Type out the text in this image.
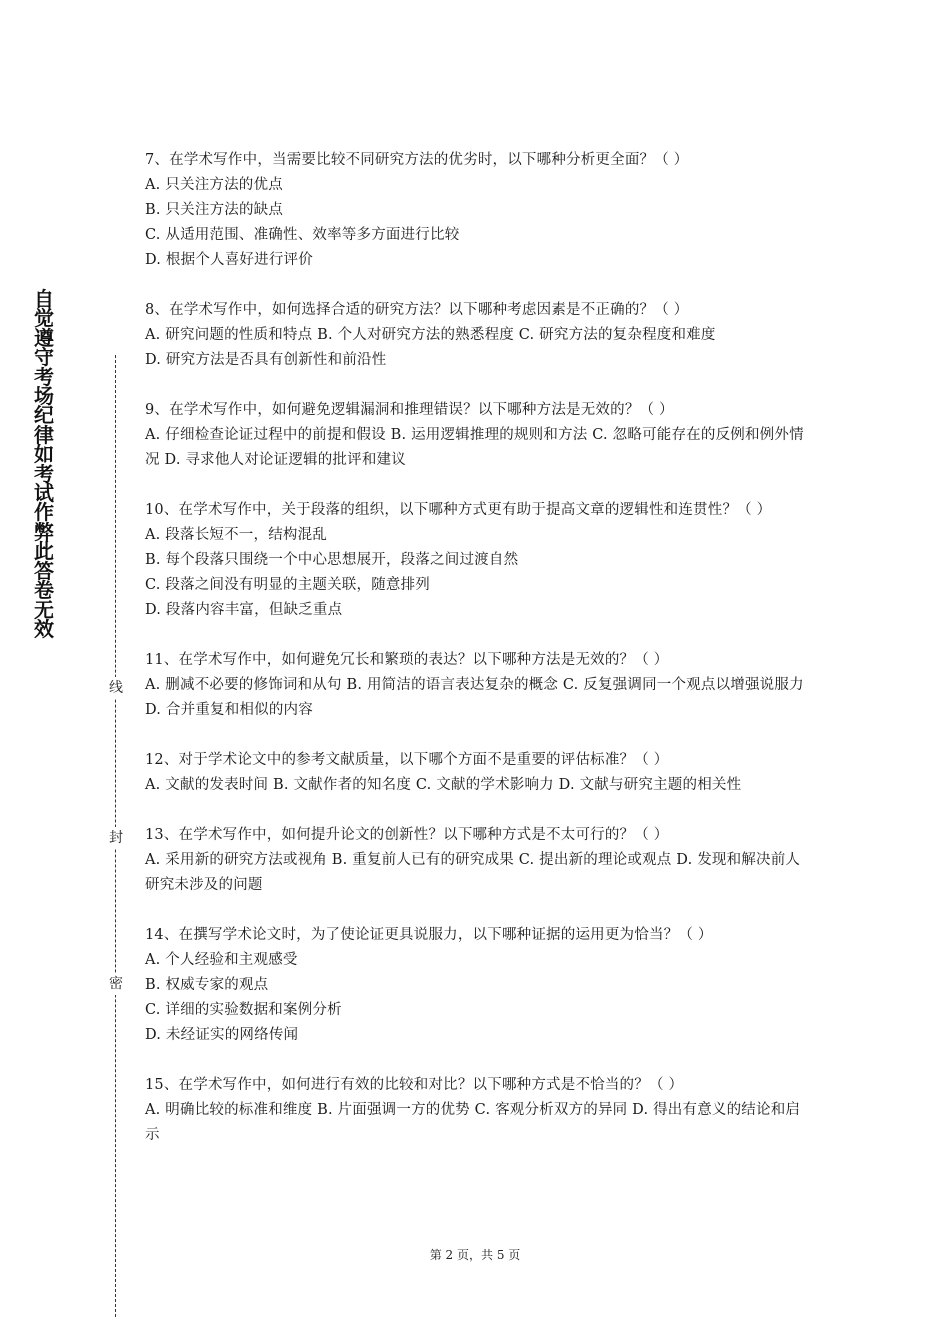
自觉遵守考场纪律如考试作弊此答卷无效
线
封
密
7、在学术写作中，当需要比较不同研究方法的优劣时，以下哪种分析更全面？（ ）
A. 只关注方法的优点
B. 只关注方法的缺点
C. 从适用范围、准确性、效率等多方面进行比较
D. 根据个人喜好进行评价
8、在学术写作中，如何选择合适的研究方法？以下哪种考虑因素是不正确的？（ ）
A. 研究问题的性质和特点 B. 个人对研究方法的熟悉程度 C. 研究方法的复杂程度和难度
D. 研究方法是否具有创新性和前沿性
9、在学术写作中，如何避免逻辑漏洞和推理错误？以下哪种方法是无效的？（ ）
A. 仔细检查论证过程中的前提和假设 B. 运用逻辑推理的规则和方法 C. 忽略可能存在的反例和例外情况 D. 寻求他人对论证逻辑的批评和建议
10、在学术写作中，关于段落的组织，以下哪种方式更有助于提高文章的逻辑性和连贯性？（ ）
A. 段落长短不一，结构混乱
B. 每个段落只围绕一个中心思想展开，段落之间过渡自然
C. 段落之间没有明显的主题关联，随意排列
D. 段落内容丰富，但缺乏重点
11、在学术写作中，如何避免冗长和繁琐的表达？以下哪种方法是无效的？（ ）
A. 删减不必要的修饰词和从句 B. 用简洁的语言表达复杂的概念 C. 反复强调同一个观点以增强说服力 D. 合并重复和相似的内容
12、对于学术论文中的参考文献质量，以下哪个方面不是重要的评估标准？（ ）
A. 文献的发表时间 B. 文献作者的知名度 C. 文献的学术影响力 D. 文献与研究主题的相关性
13、在学术写作中，如何提升论文的创新性？以下哪种方式是不太可行的？（ ）
A. 采用新的研究方法或视角 B. 重复前人已有的研究成果 C. 提出新的理论或观点 D. 发现和解决前人研究未涉及的问题
14、在撰写学术论文时，为了使论证更具说服力，以下哪种证据的运用更为恰当？（ ）
A. 个人经验和主观感受
B. 权威专家的观点
C. 详细的实验数据和案例分析
D. 未经证实的网络传闻
15、在学术写作中，如何进行有效的比较和对比？以下哪种方式是不恰当的？（ ）
A. 明确比较的标准和维度 B. 片面强调一方的优势 C. 客观分析双方的异同 D. 得出有意义的结论和启示
第 2 页，共 5 页
